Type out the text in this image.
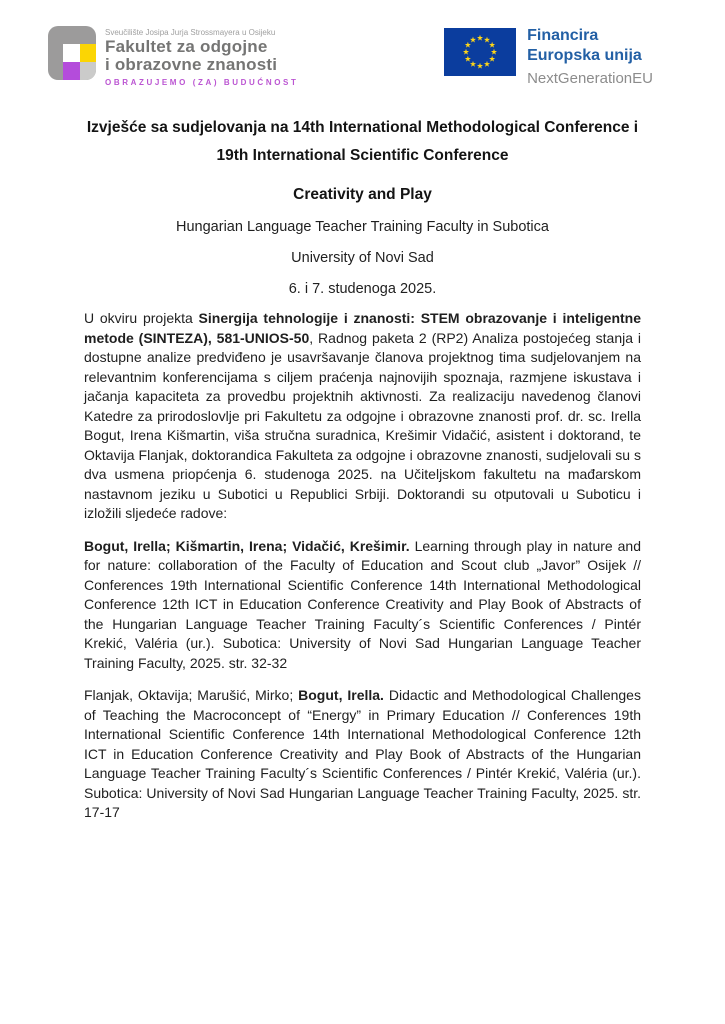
Sveučilište Josipa Jurja Strossmayera u Osijeku
Fakultet za odgojne
i obrazovne znanosti
OBRAZUJEMO (ZA) BUDUĆNOST
Financira
Europska unija
NextGenerationEU
Izvješće sa sudjelovanja na 14th International Methodological Conference i
19th International Scientific Conference
Creativity and Play
Hungarian Language Teacher Training Faculty in Subotica
University of Novi Sad
6. i 7. studenoga 2025.

U okviru projekta Sinergija tehnologije i znanosti: STEM obrazovanje i inteligentne metode (SINTEZA), 581-UNIOS-50, Radnog paketa 2 (RP2) Analiza postojećeg stanja i dostupne analize predviđeno je usavršavanje članova projektnog tima sudjelovanjem na relevantnim konferencijama s ciljem praćenja najnovijih spoznaja, razmjene iskustava i jačanja kapaciteta za provedbu projektnih aktivnosti. Za realizaciju navedenog članovi Katedre za prirodoslovlje pri Fakultetu za odgojne i obrazovne znanosti prof. dr. sc. Irella Bogut, Irena Kišmartin, viša stručna suradnica, Krešimir Vidačić, asistent i doktorand, te Oktavija Flanjak, doktorandica Fakulteta za odgojne i obrazovne znanosti, sudjelovali su s dva usmena priopćenja 6. studenoga 2025. na Učiteljskom fakultetu na mađarskom nastavnom jeziku u Subotici u Republici Srbiji. Doktorandi su otputovali u Suboticu i izložili sljedeće radove:

Bogut, Irella; Kišmartin, Irena; Vidačić, Krešimir. Learning through play in nature and for nature: collaboration of the Faculty of Education and Scout club „Javor” Osijek // Conferences 19th International Scientific Conference 14th International Methodological Conference 12th ICT in Education Conference Creativity and Play Book of Abstracts of the Hungarian Language Teacher Training Faculty´s Scientific Conferences / Pintér Krekić, Valéria (ur.). Subotica: University of Novi Sad Hungarian Language Teacher Training Faculty, 2025. str. 32-32

Flanjak, Oktavija; Marušić, Mirko; Bogut, Irella. Didactic and Methodological Challenges of Teaching the Macroconcept of “Energy” in Primary Education // Conferences 19th International Scientific Conference 14th International Methodological Conference 12th ICT in Education Conference Creativity and Play Book of Abstracts of the Hungarian Language Teacher Training Faculty´s Scientific Conferences / Pintér Krekić, Valéria (ur.). Subotica: University of Novi Sad Hungarian Language Teacher Training Faculty, 2025. str. 17-17
